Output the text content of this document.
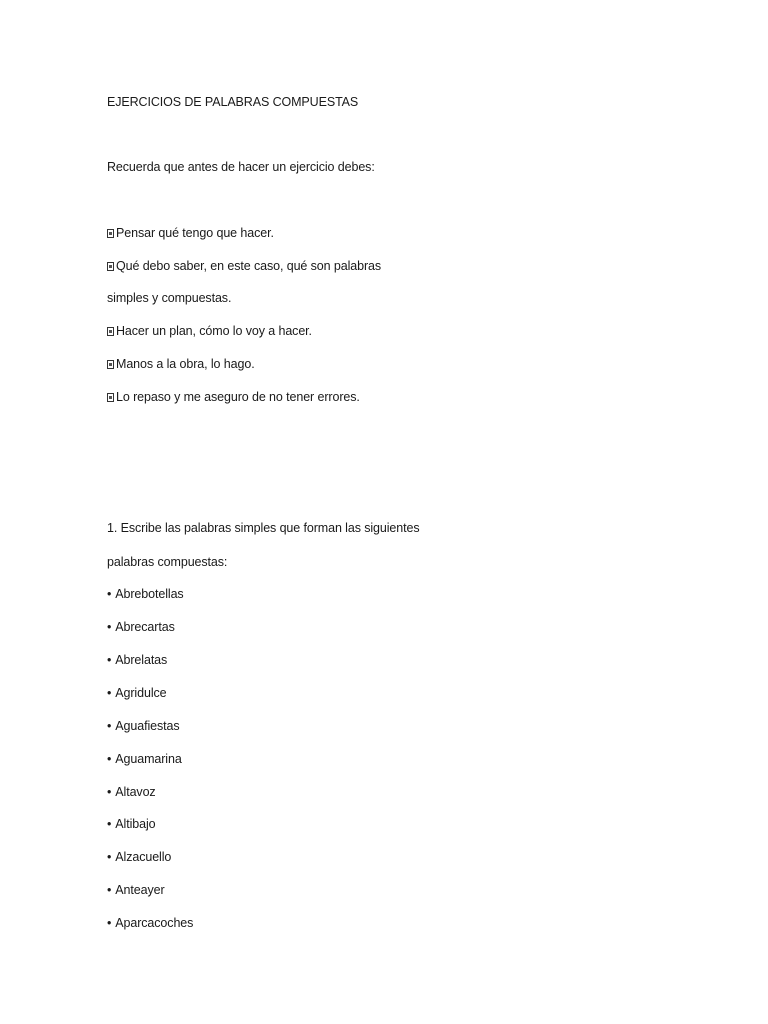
EJERCICIOS DE PALABRAS COMPUESTAS
Recuerda que antes de hacer un ejercicio debes:
Pensar qué tengo que hacer.
Qué debo saber, en este caso, qué son palabras
simples y compuestas.
Hacer un plan, cómo lo voy a hacer.
Manos a la obra, lo hago.
Lo repaso y me aseguro de no tener errores.
1. Escribe las palabras simples que forman las siguientes
palabras compuestas:
• Abrebotellas
• Abrecartas
• Abrelatas
• Agridulce
• Aguafiestas
• Aguamarina
• Altavoz
• Altibajo
• Alzacuello
• Anteayer
• Aparcacoches
